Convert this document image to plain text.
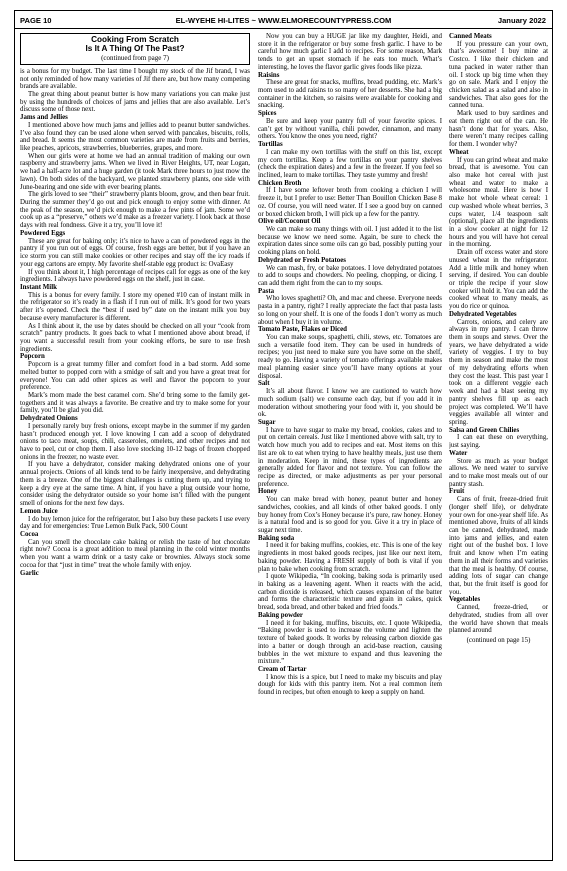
PAGE 10	EL-WYEHE HI-LITES ~ WWW.ELMORECOUNTYPRESS.COM	January 2022
Cooking From Scratch
Is It A Thing Of The Past?
(continued from page 7)

is a bonus for my budget. The last time I bought my stock of the Jif brand, I was not only reminded of how many varieties of Jif there are, but how many competing brands are available.

The great thing about peanut butter is how many variations you can make just by using the hundreds of choices of jams and jellies that are also available. Let’s discuss some of those next.

Jams and Jellies

I mentioned above how much jams and jellies add to peanut butter sandwiches. I’ve also found they can be used alone when served with pancakes, biscuits, rolls, and bread. It seems the most common varieties are made from fruits and berries, like peaches, apricots, strawberries, blueberries, grapes, and more.

When our girls were at home we had an annual tradition of making our own raspberry and strawberry jams. When we lived in River Heights, UT, near Logan, we had a half-acre lot and a huge garden (it took Mark three hours to just mow the lawn). On both sides of the backyard, we planted strawberry plants, one side with June-bearing and one side with ever bearing plants.

The girls loved to see “their” strawberry plants bloom, grow, and then bear fruit. During the summer they’d go out and pick enough to enjoy some with dinner. At the peak of the season, we’d pick enough to make a few pints of jam. Some we’d cook up as a “preserve,” others we’d make as a freezer variety. I look back at those days with real fondness. Give it a try, you’ll love it!

Powdered Eggs

These are great for baking only; it’s nice to have a can of powdered eggs in the pantry if you run out of eggs. Of course, fresh eggs are better, but if you have an ice storm you can still make cookies or other recipes and stay off the icy roads if your egg cartons are empty. My favorite shelf-stable egg product is: OvaEasy

If you think about it, I high percentage of recipes call for eggs as one of the key ingredients. I always have powdered eggs on the shelf, just in case.

Instant Milk

This is a bonus for every family. I store my opened #10 can of instant milk in the refrigerator so it’s ready in a flash if I run out of milk. It’s good for two years after it’s opened. Check the “best if used by” date on the instant milk you buy because every manufacturer is different.

As I think about it, the use by dates should be checked on all your “cook from scratch” pantry products. It goes back to what I mentioned above about bread, if you want a successful result from your cooking efforts, be sure to use fresh ingredients.

Popcorn

Popcorn is a great tummy filler and comfort food in a bad storm. Add some melted butter to popped corn with a smidge of salt and you have a great treat for everyone! You can add other spices as well and flavor the popcorn to your preference.

Mark’s mom made the best caramel corn. She’d bring some to the family get-togethers and it was always a favorite. Be creative and try to make some for your family, you’ll be glad you did.

Dehydrated Onions

I personally rarely buy fresh onions, except maybe in the summer if my garden hasn’t produced enough yet. I love knowing I can add a scoop of dehydrated onions to taco meat, soups, chili, casseroles, omelets, and other recipes and not have to peel, cut or chop them. I also love stocking 10-12 bags of frozen chopped onions in the freezer, no waste ever.

If you have a dehydrator, consider making dehydrated onions one of your annual projects. Onions of all kinds tend to be fairly inexpensive, and dehydrating them is a breeze. One of the biggest challenges is cutting them up, and trying to keep a dry eye at the same time. A hint, if you have a plug outside your home, consider using the dehydrator outside so your home isn’t filled with the pungent smell of onions for the next few days.

Lemon Juice

I do buy lemon juice for the refrigerator, but I also buy these packets I use every day and for emergencies: True Lemon Bulk Pack, 500 Count

Cocoa

Can you smell the chocolate cake baking or relish the taste of hot chocolate right now? Cocoa is a great addition to meal planning in the cold winter months when you want a warm drink or a tasty cake or brownies. Always stock some cocoa for that “just in time” treat the whole family with enjoy.

Garlic

Now you can buy a HUGE jar like my daughter, Heidi, and store it in the refrigerator or buy some fresh garlic. I have to be careful how much garlic I add to recipes. For some reason, Mark tends to get an upset stomach if he eats too much. What’s interesting, he loves the flavor garlic gives foods like pizza.

Raisins

These are great for snacks, muffins, bread pudding, etc. Mark’s mom used to add raisins to so many of her desserts. She had a big container in the kitchen, so raisins were available for cooking and snacking.

Spices

Be sure and keep your pantry full of your favorite spices. I can’t get by without vanilla, chili powder, cinnamon, and many others. You know the ones you need, right?

Tortillas

I can make my own tortillas with the stuff on this list, except my corn tortillas. Keep a few tortillas on your pantry shelves (check the expiration dates) and a few in the freezer. If you feel so inclined, learn to make tortillas. They taste yummy and fresh!

Chicken Broth

If I have some leftover broth from cooking a chicken I will freeze it, but I prefer to use: Better Than Bouillon Chicken Base 8 oz. Of course, you will need water. If I see a good buy on canned or boxed chicken broth, I will pick up a few for the pantry.

Olive oil/Coconut Oil

We can make so many things with oil. I just added it to the list because we know we need some. Again, be sure to check the expiration dates since some oils can go bad, possibly putting your cooking plans on hold.

Dehydrated or Fresh Potatoes

We can mash, fry, or bake potatoes. I love dehydrated potatoes to add to soups and chowders. No peeling, chopping, or dicing. I can add them right from the can to my soups.

Pasta

Who loves spaghetti? Oh, and mac and cheese. Everyone needs pasta in a pantry, right? I really appreciate the fact that pasta lasts so long on your shelf. It is one of the foods I don’t worry as much about when I buy it in volume.

Tomato Paste, Flakes or Diced

You can make soups, spaghetti, chili, stews, etc. Tomatoes are such a versatile food item. They can be used in hundreds of recipes; you just need to make sure you have some on the shelf, ready to go. Having a variety of tomato offerings available makes meal planning easier since you’ll have many options at your disposal.

Salt

It’s all about flavor. I know we are cautioned to watch how much sodium (salt) we consume each day, but if you add it in moderation without smothering your food with it, you should be ok.

Sugar

I have to have sugar to make my bread, cookies, cakes and to put on certain cereals. Just like I mentioned above with salt, try to watch how much you add to recipes and eat. Most items on this list are ok to eat when trying to have healthy meals, just use them in moderation. Keep in mind, these types of ingredients are generally added for flavor and not texture. You can follow the recipe as directed, or make adjustments as per your personal preference.

Honey

You can make bread with honey, peanut butter and honey sandwiches, cookies, and all kinds of other baked goods. I only buy honey from Cox’s Honey because it’s pure, raw honey. Honey is a natural food and is so good for you. Give it a try in place of sugar next time.

Baking soda

I need it for baking muffins, cookies, etc. This is one of the key ingredients in most baked goods recipes, just like our next item, baking powder. Having a FRESH supply of both is vital if you plan to bake when cooking from scratch.

I quote Wikipedia, “In cooking, baking soda is primarily used in baking as a leavening agent. When it reacts with the acid, carbon dioxide is released, which causes expansion of the batter and forms the characteristic texture and grain in cakes, quick bread, soda bread, and other baked and fried foods.”

Baking powder

I need it for baking, muffins, biscuits, etc. I quote Wikipedia, “Baking powder is used to increase the volume and lighten the texture of baked goods. It works by releasing carbon dioxide gas into a batter or dough through an acid-base reaction, causing bubbles in the wet mixture to expand and thus leavening the mixture.”

Cream of Tartar

I know this is a spice, but I need to make my biscuits and play dough for kids with this pantry item. Not a real common item found in recipes, but often enough to keep a supply on hand.

Canned Meats

If you pressure can your own, that’s awesome! I buy mine at Costco. I like their chicken and tuna packed in water rather than oil. I stock up big time when they go on sale. Mark and I enjoy the chicken salad as a salad and also in sandwiches. That also goes for the canned tuna.

Mark used to buy sardines and eat them right out of the can. He hasn’t done that for years. Also, there weren’t many recipes calling for them. I wonder why?

Wheat

If you can grind wheat and make bread, that is awesome. You can also make hot cereal with just wheat and water to make a wholesome meal. Here is how I make hot whole wheat cereal: 1 cup washed whole wheat berries, 3 cups water, 1/4 teaspoon salt (optional), place all the ingredients in a slow cooker at night for 12 hours and you will have hot cereal in the morning.

Drain off excess water and store unused wheat in the refrigerator. Add a little milk and honey when serving, if desired. You can double or triple the recipe if your slow cooker will hold it. You can add the cooked wheat to many meals, as you do rice or quinoa.

Dehydrated Vegetables

Carrots, onions, and celery are always in my pantry. I can throw them in soups and stews. Over the years, we have dehydrated a wide variety of veggies. I try to buy them in season and make the most of my dehydrating efforts when they cost the least. This past year I took on a different veggie each week and had a blast seeing my pantry shelves fill up as each project was completed. We’ll have veggies available all winter and spring.

Salsa and Green Chilies

I can eat these on everything, just saying.

Water

Store as much as your budget allows. We need water to survive and to make most meals out of our pantry stash.

Fruit

Cans of fruit, freeze-dried fruit (longer shelf life), or dehydrate your own for one-year shelf life. As mentioned above, fruits of all kinds can be canned, dehydrated, made into jams and jellies, and eaten right out of the bushel box. I love fruit and know when I’m eating them in all their forms and varieties that the meal is healthy. Of course, adding lots of sugar can change that, but the fruit itself is good for you.

Vegetables

Canned, freeze-dried, or dehydrated, studies from all over the world have shown that meals planned around

(continued on page 15)
